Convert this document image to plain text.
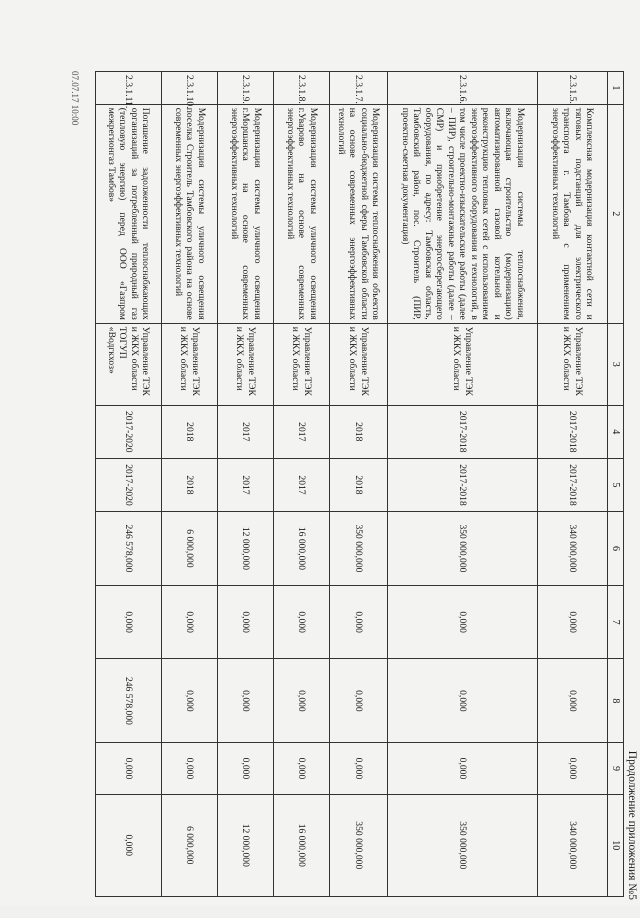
Продолжение приложения №5
1	2	3	4	5	6	7	8	9	10
2.3.1.5.	Комплексная модернизация контактной сети и тяговых подстанций для электрического транспорта г. Тамбова с применением энергоэффективных технологий	Управление ТЭК и ЖКХ области	2017-2018	2017-2018	340 000,000	0,000	0,000	0,000	340 000,000
2.3.1.6.	Модернизация системы теплоснабжения, включающая строительство (модернизацию) автоматизированной газовой котельной и реконструкцию тепловых сетей с использованием энергоэффективного оборудования и технологий, в том числе проектно-изыскательские работы (далее – ПИР), строительно-монтажные работы (далее – СМР) и приобретение энергосберегающего оборудования, по адресу: Тамбовская область, Тамбовский район, пос. Строитель (ПИР, проектно-сметная документация)	Управление ТЭК и ЖКХ области	2017-2018	2017-2018	350 000,000	0,000	0,000	0,000	350 000,000
2.3.1.7.	Модернизация системы теплоснабжения объектов социально-бюджетной сферы Тамбовской области на основе современных энергоэффективных технологий	Управление ТЭК и ЖКХ области	2018	2018	350 000,000	0,000	0,000	0,000	350 000,000
2.3.1.8.	Модернизация системы уличного освещения г.Уварово на основе современных энергоэффективных технологий	Управление ТЭК и ЖКХ области	2017	2017	16 000,000	0,000	0,000	0,000	16 000,000
2.3.1.9.	Модернизация системы уличного освещения г.Моршанска на основе современных энергоэффективных технологий	Управление ТЭК и ЖКХ области	2017	2017	12 000,000	0,000	0,000	0,000	12 000,000
2.3.1.10.	Модернизация системы уличного освещения поселка Строитель Тамбовского района на основе современных энергоэффективных технологий	Управление ТЭК и ЖКХ области	2018	2018	6 000,000	0,000	0,000	0,000	6 000,000
2.3.1.11.	Погашение задолженности теплоснабжающих организаций за потребленный природный газ (тепловую энергию) перед ООО «Газпром межрегионгаз Тамбов»	Управление ТЭК и ЖКХ области ТОГУП «Водгкхоз»	2017-2020	2017-2020	246 578,000	0,000	246 578,000	0,000	0,000
07.07.17 10:00
